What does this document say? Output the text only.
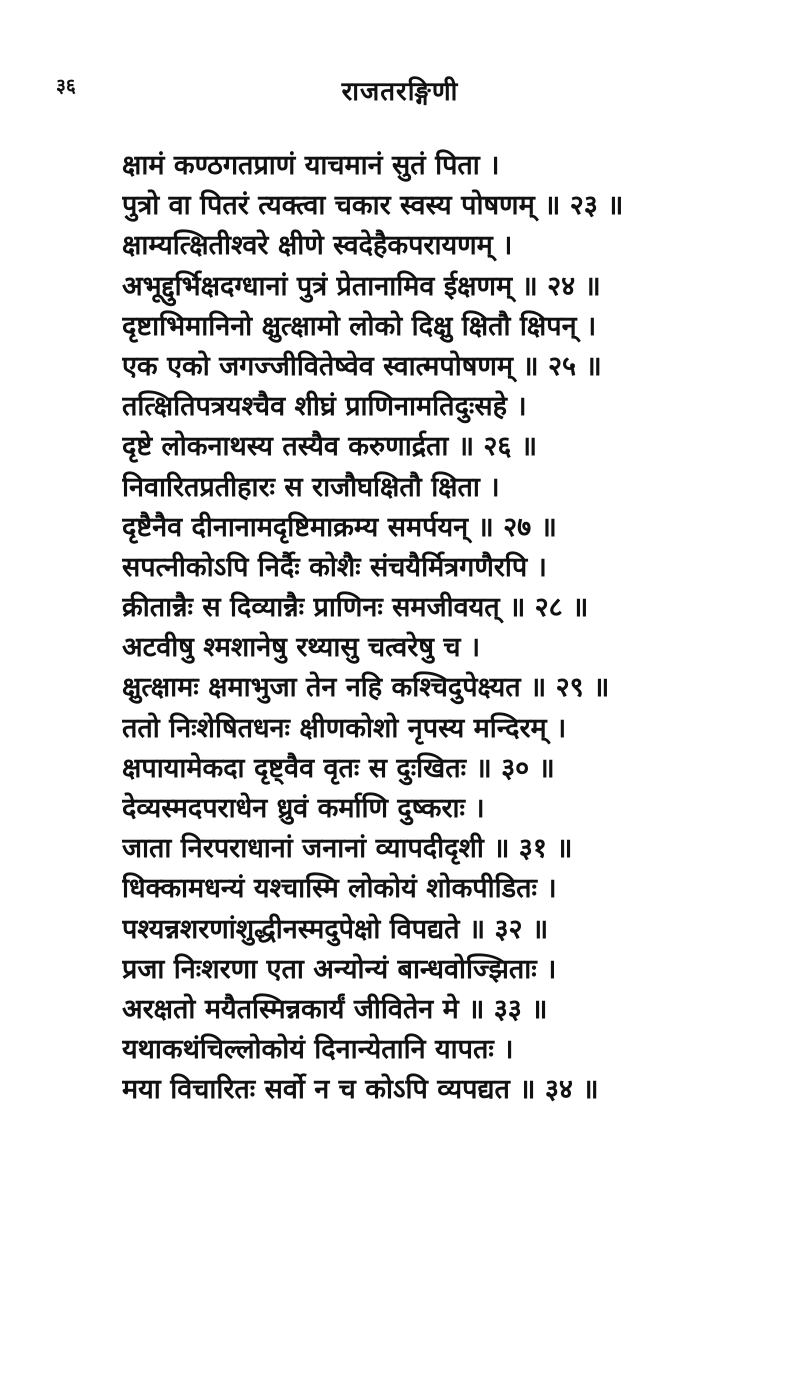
३६	राजतरङ्गिणी
क्षामं कण्ठगतप्राणं याचमानं सुतं पिता ।
पुत्रो वा पितरं त्यक्त्वा चकार स्वस्य पोषणम् ॥ २३ ॥
क्षाम्यत्क्षितीश्वरे क्षीणे स्वदेहैकपरायणम् ।
अभूद्दुर्भिक्षदग्धानां पुत्रं प्रेतानामिव ईक्षणम् ॥ २४ ॥
दृष्टाभिमानिनो क्षुत्क्षामो लोको दिक्षु क्षितौ क्षिपन् ।
एक एको जगज्जीवितेष्वेव स्वात्मपोषणम् ॥ २५ ॥
तत्क्षितिपत्रयश्चैव शीघ्रं प्राणिनामतिदुःसहे ।
दृष्टे लोकनाथस्य तस्यैव करुणार्द्रता ॥ २६ ॥
निवारितप्रतीहारः स राजौघक्षितौ क्षिता ।
दृष्टैनैव दीनानामदृष्टिमाक्रम्य समर्पयन् ॥ २७ ॥
सपत्नीकोऽपि निर्दैः कोशैः संचयैर्मित्रगणैरपि ।
क्रीतान्नैः स दिव्यान्नैः प्राणिनः समजीवयत् ॥ २८ ॥
अटवीषु श्मशानेषु रथ्यासु चत्वरेषु च ।
क्षुत्क्षामः क्षमाभुजा तेन नहि कश्चिदुपेक्ष्यत ॥ २९ ॥
ततो निःशेषितधनः क्षीणकोशो नृपस्य मन्दिरम् ।
क्षपायामेकदा दृष्ट्वैव वृतः स दुःखितः ॥ ३० ॥
देव्यस्मदपराधेन ध्रुवं कर्माणि दुष्कराः ।
जाता निरपराधानां जनानां व्यापदीदृशी ॥ ३१ ॥
धिक्कामधन्यं यश्चास्मि लोकोयं शोकपीडितः ।
पश्यन्नशरणांशुद्धीनस्मदुपेक्षो विपद्यते ॥ ३२ ॥
प्रजा निःशरणा एता अन्योन्यं बान्धवोज्झिताः ।
अरक्षतो मयैतस्मिन्नकार्यं जीवितेन मे ॥ ३३ ॥
यथाकथंचिल्लोकोयं दिनान्येतानि यापतः ।
मया विचारितः सर्वो न च कोऽपि व्यपद्यत ॥ ३४ ॥
